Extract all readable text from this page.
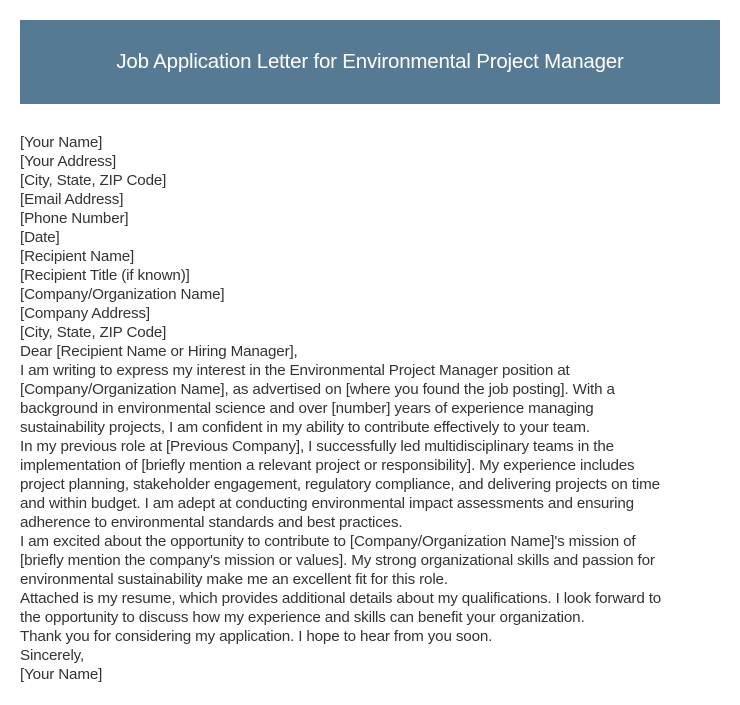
Job Application Letter for Environmental Project Manager
[Your Name]
[Your Address]
[City, State, ZIP Code]
[Email Address]
[Phone Number]
[Date]
[Recipient Name]
[Recipient Title (if known)]
[Company/Organization Name]
[Company Address]
[City, State, ZIP Code]
Dear [Recipient Name or Hiring Manager],
I am writing to express my interest in the Environmental Project Manager position at
[Company/Organization Name], as advertised on [where you found the job posting]. With a
background in environmental science and over [number] years of experience managing
sustainability projects, I am confident in my ability to contribute effectively to your team.
In my previous role at [Previous Company], I successfully led multidisciplinary teams in the
implementation of [briefly mention a relevant project or responsibility]. My experience includes
project planning, stakeholder engagement, regulatory compliance, and delivering projects on time
and within budget. I am adept at conducting environmental impact assessments and ensuring
adherence to environmental standards and best practices.
I am excited about the opportunity to contribute to [Company/Organization Name]'s mission of
[briefly mention the company's mission or values]. My strong organizational skills and passion for
environmental sustainability make me an excellent fit for this role.
Attached is my resume, which provides additional details about my qualifications. I look forward to
the opportunity to discuss how my experience and skills can benefit your organization.
Thank you for considering my application. I hope to hear from you soon.
Sincerely,
[Your Name]
